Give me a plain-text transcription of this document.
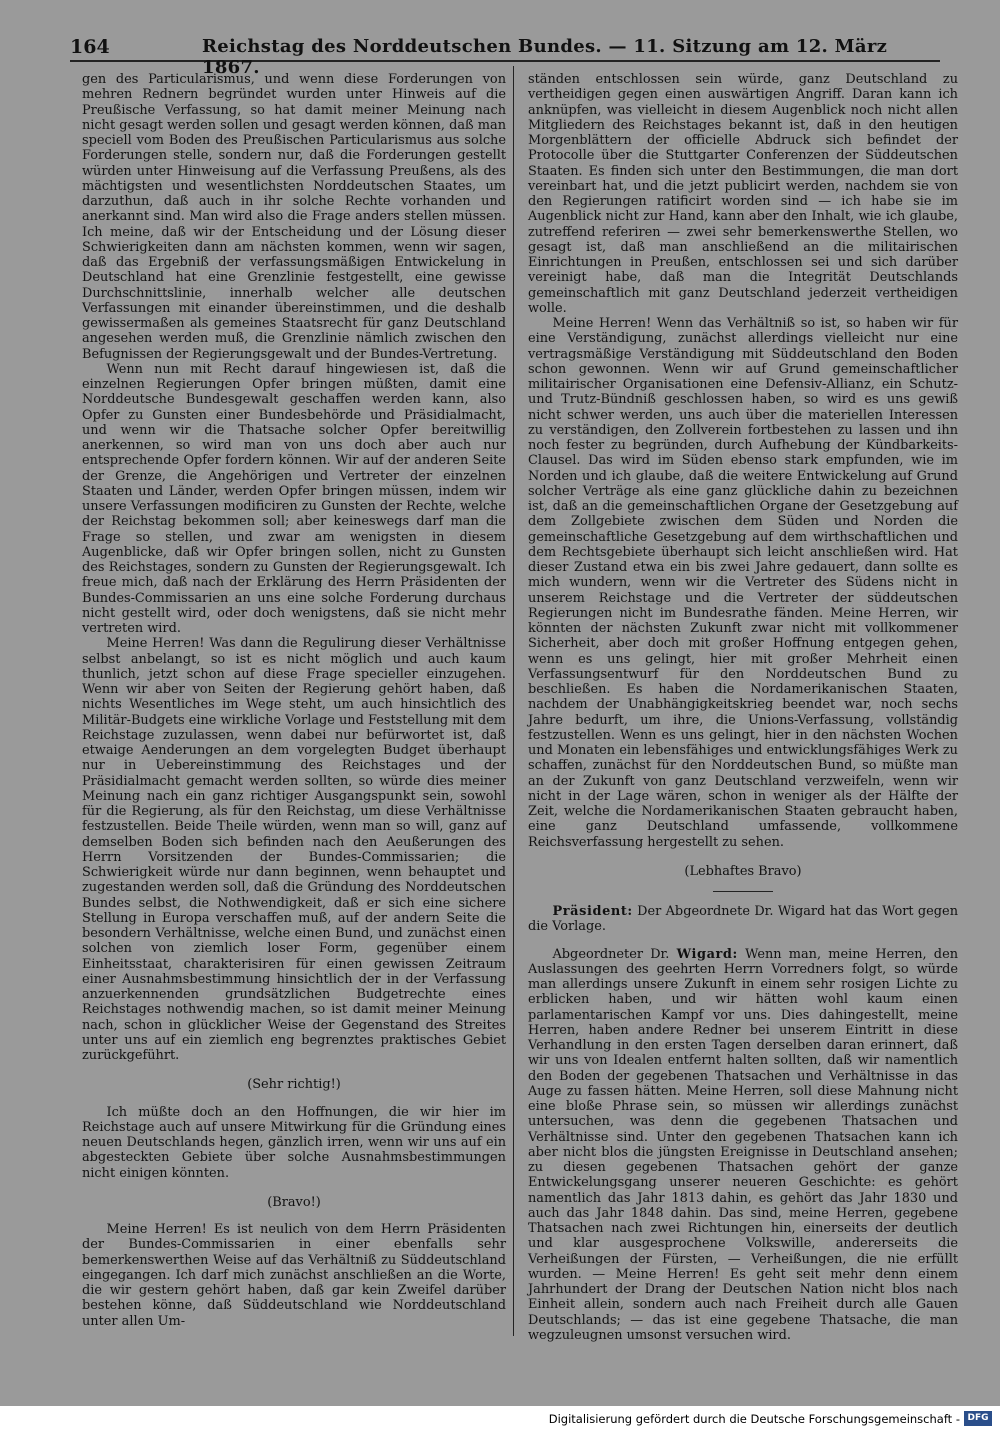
164	Reichstag des Norddeutschen Bundes. — 11. Sitzung am 12. März 1867.

gen des Particularismus, und wenn diese Forderungen von mehren Rednern begründet wurden unter Hinweis auf die Preußische Verfassung, so hat damit meiner Meinung nach nicht gesagt werden sollen und gesagt werden können, daß man speciell vom Boden des Preußischen Particularismus aus solche Forderungen stelle, sondern nur, daß die Forderungen gestellt würden unter Hinweisung auf die Verfassung Preußens, als des mächtigsten und wesentlichsten Norddeutschen Staates, um darzuthun, daß auch in ihr solche Rechte vorhanden und anerkannt sind. Man wird also die Frage anders stellen müssen. Ich meine, daß wir der Entscheidung und der Lösung dieser Schwierigkeiten dann am nächsten kommen, wenn wir sagen, daß das Ergebniß der verfassungsmäßigen Entwickelung in Deutschland hat eine Grenzlinie festgestellt, eine gewisse Durchschnittslinie, innerhalb welcher alle deutschen Verfassungen mit einander übereinstimmen, und die deshalb gewissermaßen als gemeines Staatsrecht für ganz Deutschland angesehen werden muß, die Grenzlinie nämlich zwischen den Befugnissen der Regierungsgewalt und der Bundes-Vertretung.

Wenn nun mit Recht darauf hingewiesen ist, daß die einzelnen Regierungen Opfer bringen müßten, damit eine Norddeutsche Bundesgewalt geschaffen werden kann, also Opfer zu Gunsten einer Bundesbehörde und Präsidialmacht, und wenn wir die Thatsache solcher Opfer bereitwillig anerkennen, so wird man von uns doch aber auch nur entsprechende Opfer fordern können. Wir auf der anderen Seite der Grenze, die Angehörigen und Vertreter der einzelnen Staaten und Länder, werden Opfer bringen müssen, indem wir unsere Verfassungen modificiren zu Gunsten der Rechte, welche der Reichstag bekommen soll; aber keineswegs darf man die Frage so stellen, und zwar am wenigsten in diesem Augenblicke, daß wir Opfer bringen sollen, nicht zu Gunsten des Reichstages, sondern zu Gunsten der Regierungsgewalt. Ich freue mich, daß nach der Erklärung des Herrn Präsidenten der Bundes-Commissarien an uns eine solche Forderung durchaus nicht gestellt wird, oder doch wenigstens, daß sie nicht mehr vertreten wird.

Meine Herren! Was dann die Regulirung dieser Verhältnisse selbst anbelangt, so ist es nicht möglich und auch kaum thunlich, jetzt schon auf diese Frage specieller einzugehen. Wenn wir aber von Seiten der Regierung gehört haben, daß nichts Wesentliches im Wege steht, um auch hinsichtlich des Militär-Budgets eine wirkliche Vorlage und Feststellung mit dem Reichstage zuzulassen, wenn dabei nur befürwortet ist, daß etwaige Aenderungen an dem vorgelegten Budget überhaupt nur in Uebereinstimmung des Reichstages und der Präsidialmacht gemacht werden sollten, so würde dies meiner Meinung nach ein ganz richtiger Ausgangspunkt sein, sowohl für die Regierung, als für den Reichstag, um diese Verhältnisse festzustellen. Beide Theile würden, wenn man so will, ganz auf demselben Boden sich befinden nach den Aeußerungen des Herrn Vorsitzenden der Bundes-Commissarien; die Schwierigkeit würde nur dann beginnen, wenn behauptet und zugestanden werden soll, daß die Gründung des Norddeutschen Bundes selbst, die Nothwendigkeit, daß er sich eine sichere Stellung in Europa verschaffen muß, auf der andern Seite die besondern Verhältnisse, welche einen Bund, und zunächst einen solchen von ziemlich loser Form, gegenüber einem Einheitsstaat, charakterisiren für einen gewissen Zeitraum einer Ausnahmsbestimmung hinsichtlich der in der Verfassung anzuerkennenden grundsätzlichen Budgetrechte eines Reichstages nothwendig machen, so ist damit meiner Meinung nach, schon in glücklicher Weise der Gegenstand des Streites unter uns auf ein ziemlich eng begrenztes praktisches Gebiet zurückgeführt.

(Sehr richtig!)

Ich müßte doch an den Hoffnungen, die wir hier im Reichstage auch auf unsere Mitwirkung für die Gründung eines neuen Deutschlands hegen, gänzlich irren, wenn wir uns auf ein abgesteckten Gebiete über solche Ausnahmsbestimmungen nicht einigen könnten.

(Bravo!)

Meine Herren! Es ist neulich von dem Herrn Präsidenten der Bundes-Commissarien in einer ebenfalls sehr bemerkenswerthen Weise auf das Verhältniß zu Süddeutschland eingegangen. Ich darf mich zunächst anschließen an die Worte, die wir gestern gehört haben, daß gar kein Zweifel darüber bestehen könne, daß Süddeutschland wie Norddeutschland unter allen Um-

ständen entschlossen sein würde, ganz Deutschland zu vertheidigen gegen einen auswärtigen Angriff. Daran kann ich anknüpfen, was vielleicht in diesem Augenblick noch nicht allen Mitgliedern des Reichstages bekannt ist, daß in den heutigen Morgenblättern der officielle Abdruck sich befindet der Protocolle über die Stuttgarter Conferenzen der Süddeutschen Staaten. Es finden sich unter den Bestimmungen, die man dort vereinbart hat, und die jetzt publicirt werden, nachdem sie von den Regierungen ratificirt worden sind — ich habe sie im Augenblick nicht zur Hand, kann aber den Inhalt, wie ich glaube, zutreffend referiren — zwei sehr bemerkenswerthe Stellen, wo gesagt ist, daß man anschließend an die militairischen Einrichtungen in Preußen, entschlossen sei und sich darüber vereinigt habe, daß man die Integrität Deutschlands gemeinschaftlich mit ganz Deutschland jederzeit vertheidigen wolle.

Meine Herren! Wenn das Verhältniß so ist, so haben wir für eine Verständigung, zunächst allerdings vielleicht nur eine vertragsmäßige Verständigung mit Süddeutschland den Boden schon gewonnen. Wenn wir auf Grund gemeinschaftlicher militairischer Organisationen eine Defensiv-Allianz, ein Schutz- und Trutz-Bündniß geschlossen haben, so wird es uns gewiß nicht schwer werden, uns auch über die materiellen Interessen zu verständigen, den Zollverein fortbestehen zu lassen und ihn noch fester zu begründen, durch Aufhebung der Kündbarkeits-Clausel. Das wird im Süden ebenso stark empfunden, wie im Norden und ich glaube, daß die weitere Entwickelung auf Grund solcher Verträge als eine ganz glückliche dahin zu bezeichnen ist, daß an die gemeinschaftlichen Organe der Gesetzgebung auf dem Zollgebiete zwischen dem Süden und Norden die gemeinschaftliche Gesetzgebung auf dem wirthschaftlichen und dem Rechtsgebiete überhaupt sich leicht anschließen wird. Hat dieser Zustand etwa ein bis zwei Jahre gedauert, dann sollte es mich wundern, wenn wir die Vertreter des Südens nicht in unserem Reichstage und die Vertreter der süddeutschen Regierungen nicht im Bundesrathe fänden. Meine Herren, wir könnten der nächsten Zukunft zwar nicht mit vollkommener Sicherheit, aber doch mit großer Hoffnung entgegen gehen, wenn es uns gelingt, hier mit großer Mehrheit einen Verfassungsentwurf für den Norddeutschen Bund zu beschließen. Es haben die Nordamerikanischen Staaten, nachdem der Unabhängigkeitskrieg beendet war, noch sechs Jahre bedurft, um ihre, die Unions-Verfassung, vollständig festzustellen. Wenn es uns gelingt, hier in den nächsten Wochen und Monaten ein lebensfähiges und entwicklungsfähiges Werk zu schaffen, zunächst für den Norddeutschen Bund, so müßte man an der Zukunft von ganz Deutschland verzweifeln, wenn wir nicht in der Lage wären, schon in weniger als der Hälfte der Zeit, welche die Nordamerikanischen Staaten gebraucht haben, eine ganz Deutschland umfassende, vollkommene Reichsverfassung hergestellt zu sehen.

(Lebhaftes Bravo)

Präsident: Der Abgeordnete Dr. Wigard hat das Wort gegen die Vorlage.

Abgeordneter Dr. Wigard: Wenn man, meine Herren, den Auslassungen des geehrten Herrn Vorredners folgt, so würde man allerdings unsere Zukunft in einem sehr rosigen Lichte zu erblicken haben, und wir hätten wohl kaum einen parlamentarischen Kampf vor uns. Dies dahingestellt, meine Herren, haben andere Redner bei unserem Eintritt in diese Verhandlung in den ersten Tagen derselben daran erinnert, daß wir uns von Idealen entfernt halten sollten, daß wir namentlich den Boden der gegebenen Thatsachen und Verhältnisse in das Auge zu fassen hätten. Meine Herren, soll diese Mahnung nicht eine bloße Phrase sein, so müssen wir allerdings zunächst untersuchen, was denn die gegebenen Thatsachen und Verhältnisse sind. Unter den gegebenen Thatsachen kann ich aber nicht blos die jüngsten Ereignisse in Deutschland ansehen; zu diesen gegebenen Thatsachen gehört der ganze Entwickelungsgang unserer neueren Geschichte: es gehört namentlich das Jahr 1813 dahin, es gehört das Jahr 1830 und auch das Jahr 1848 dahin. Das sind, meine Herren, gegebene Thatsachen nach zwei Richtungen hin, einerseits der deutlich und klar ausgesprochene Volkswille, andererseits die Verheißungen der Fürsten, — Verheißungen, die nie erfüllt wurden. — Meine Herren! Es geht seit mehr denn einem Jahrhundert der Drang der Deutschen Nation nicht blos nach Einheit allein, sondern auch nach Freiheit durch alle Gauen Deutschlands; — das ist eine gegebene Thatsache, die man wegzuleugnen umsonst versuchen wird.

Digitalisierung gefördert durch die Deutsche Forschungsgemeinschaft - DFG
